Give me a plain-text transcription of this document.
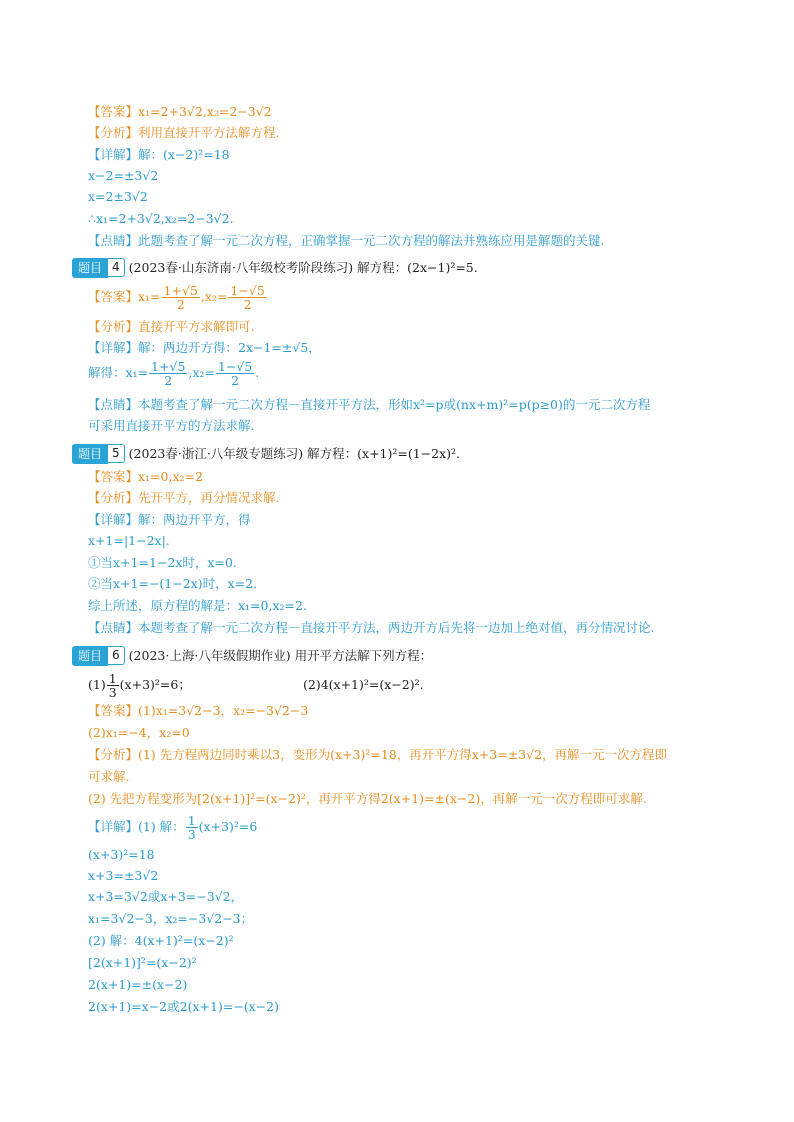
【答案】x₁=2+3√2,x₂=2−3√2
【分析】利用直接开平方法解方程.
【详解】解：(x−2)²=18
x−2=±3√2
x=2±3√2
∴x₁=2+3√2,x₂=2−3√2.
【点睛】此题考查了解一元二次方程，正确掌握一元二次方程的解法并熟练应用是解题的关键.
题目 4 (2023春·山东济南·八年级校考阶段练习) 解方程：(2x−1)²=5.
【答案】$x_1= \frac{1+√5}{2} ,x_2= \frac{1-√5}{2}$
【分析】直接开平方求解即可.
【详解】解：两边开方得：2x−1=±√5，
解得：$x_1= \frac{1+√5}{2} ,x_2= \frac{1-√5}{2}$ .
【点睛】本题考查了解一元二次方程－直接开平方法，形如x²=p或(nx+m)²=p(p≥0)的一元二次方程
可采用直接开平方的方法求解.
题目 5 (2023春·浙江·八年级专题练习) 解方程：(x+1)²=(1−2x)².
【答案】x₁=0,x₂=2
【分析】先开平方，再分情况求解.
【详解】解：两边开平方，得
x+1=|1−2x|.
①当x+1=1−2x时，x=0.
②当x+1=−(1−2x)时，x=2.
综上所述，原方程的解是：x₁=0,x₂=2.
【点睛】本题考查了解一元二次方程－直接开平方法，两边开方后先将一边加上绝对值，再分情况讨论.
题目 6 (2023·上海·八年级假期作业) 用开平方法解下列方程：
$(1) \frac{1}{3} (x+3)^2=6$；	(2)4(x+1)²=(x−2)².
【答案】(1)x₁=3√2−3，x₂=−3√2−3
(2)x₁=−4，x₂=0
【分析】(1) 先方程两边同时乘以3，变形为(x+3)²=18，再开平方得x+3=±3√2，再解一元一次方程即
可求解.
(2) 先把方程变形为[2(x+1)]²=(x−2)²，再开平方得2(x+1)=±(x−2)，再解一元一次方程即可求解.
【详解】(1) 解： $\frac{1}{3} (x+3)^2=6$
(x+3)²=18
x+3=±3√2
x+3=3√2或x+3=−3√2，
x₁=3√2−3，x₂=−3√2−3；
(2) 解：4(x+1)²=(x−2)²
[2(x+1)]²=(x−2)²
2(x+1)=±(x−2)
2(x+1)=x−2或2(x+1)=−(x−2)
